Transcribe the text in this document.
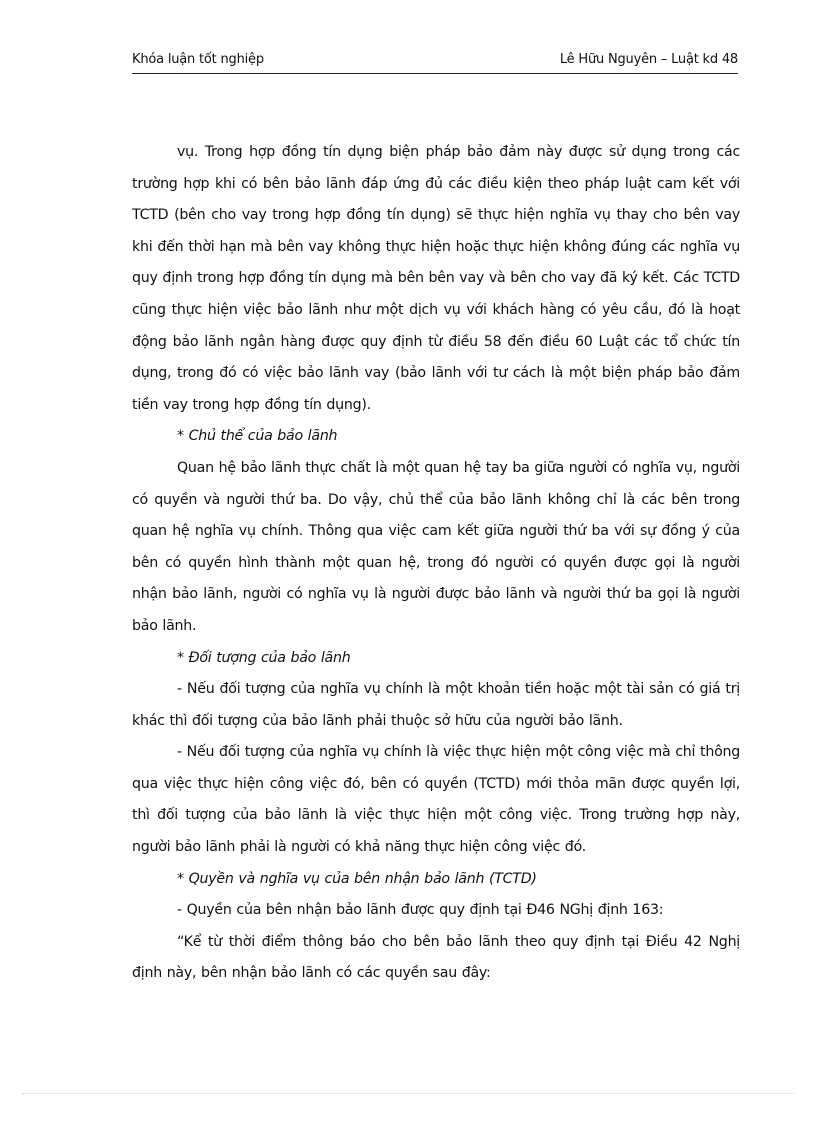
Khóa luận tốt nghiệp	Lê Hữu Nguyên – Luật kd 48

vụ. Trong hợp đồng tín dụng biện pháp bảo đảm này được sử dụng trong các trường hợp khi có bên bảo lãnh đáp ứng đủ các điều kiện theo pháp luật cam kết với TCTD (bên cho vay trong hợp đồng tín dụng) sẽ thực hiện nghĩa vụ thay cho bên vay khi đến thời hạn mà bên vay không thực hiện hoặc thực hiện không đúng các nghĩa vụ quy định trong hợp đồng tín dụng mà bên bên vay và bên cho vay đã ký kết. Các TCTD cũng thực hiện việc bảo lãnh như một dịch vụ với khách hàng có yêu cầu, đó là hoạt động bảo lãnh ngân hàng được quy định từ điều 58 đến điều 60 Luật các tổ chức tín dụng, trong đó có việc bảo lãnh vay (bảo lãnh với tư cách là một biện pháp bảo đảm tiền vay trong hợp đồng tín dụng).

* Chủ thể của bảo lãnh

Quan hệ bảo lãnh thực chất là một quan hệ tay ba giữa người có nghĩa vụ, người có quyền và người thứ ba. Do vậy, chủ thể của bảo lãnh không chỉ là các bên trong quan hệ nghĩa vụ chính. Thông qua việc cam kết giữa người thứ ba với sự đồng ý của bên có quyền hình thành một quan hệ, trong đó người có quyền được gọi là người nhận bảo lãnh, người có nghĩa vụ là người được bảo lãnh và người thứ ba gọi là người bảo lãnh.

* Đối tượng của bảo lãnh

- Nếu đối tượng của nghĩa vụ chính là một khoản tiền hoặc một tài sản có giá trị khác thì đối tượng của bảo lãnh phải thuộc sở hữu của người bảo lãnh.

- Nếu đối tượng của nghĩa vụ chính là việc thực hiện một công việc mà chỉ thông qua việc thực hiện công việc đó, bên có quyền (TCTD) mới thỏa mãn được quyền lợi, thì đối tượng của bảo lãnh là việc thực hiện một công việc. Trong trường hợp này, người bảo lãnh phải là người có khả năng thực hiện công việc đó.

* Quyền và nghĩa vụ của bên nhận bảo lãnh (TCTD)

- Quyền của bên nhận bảo lãnh được quy định tại Đ46 NGhị định 163:

“Kể từ thời điểm thông báo cho bên bảo lãnh theo quy định tại Điều 42 Nghị định này, bên nhận bảo lãnh có các quyền sau đây:
